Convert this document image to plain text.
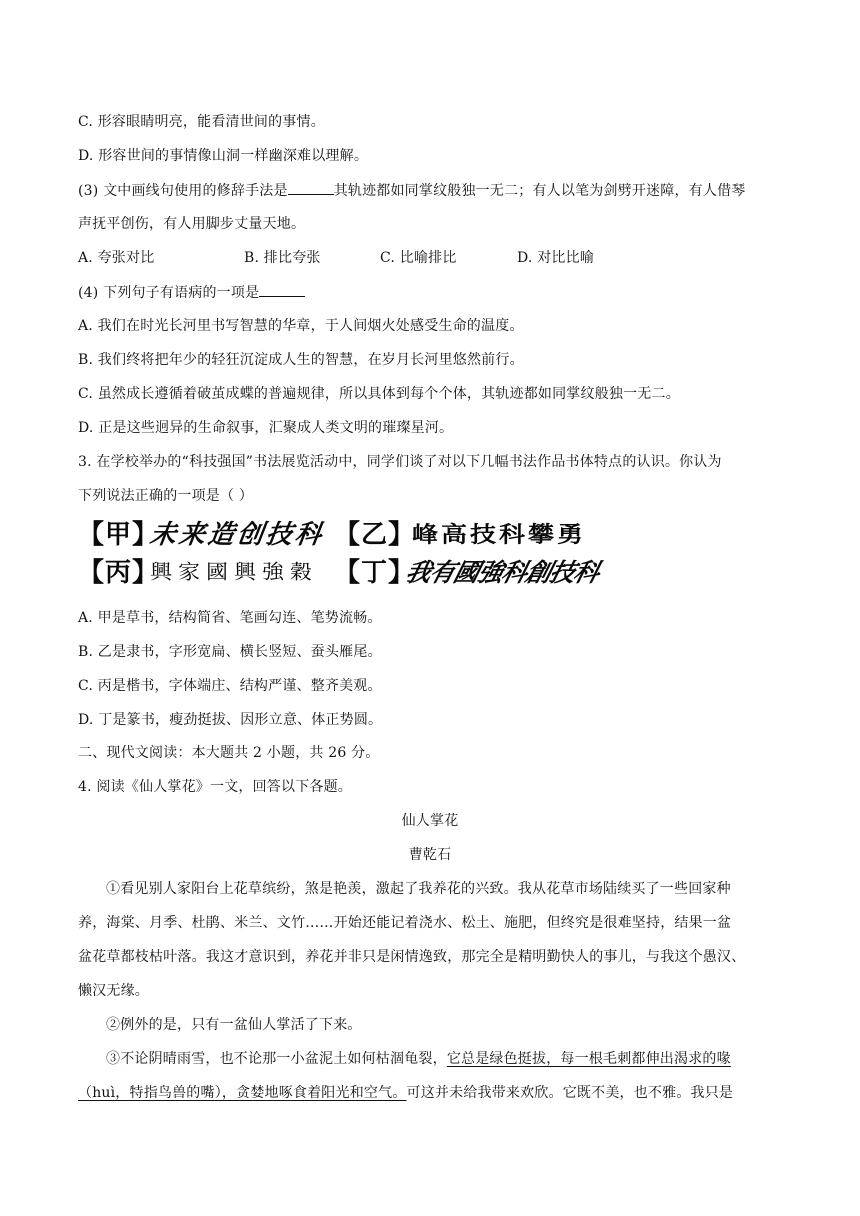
C. 形容眼睛明亮，能看清世间的事情。
D. 形容世间的事情像山洞一样幽深难以理解。
(3) 文中画线句使用的修辞手法是	其轨迹都如同掌纹般独一无二；有人以笔为剑劈开迷障，有人借琴
声抚平创伤，有人用脚步丈量天地。
A. 夸张对比	B. 排比夸张	C. 比喻排比	D. 对比比喻
(4) 下列句子有语病的一项是
A. 我们在时光长河里书写智慧的华章，于人间烟火处感受生命的温度。
B. 我们终将把年少的轻狂沉淀成人生的智慧，在岁月长河里悠然前行。
C. 虽然成长遵循着破茧成蝶的普遍规律，所以具体到每个个体，其轨迹都如同掌纹般独一无二。
D. 正是这些迥异的生命叙事，汇聚成人类文明的璀璨星河。
3. 在学校举办的“科技强国”书法展览活动中，同学们谈了对以下几幅书法作品书体特点的认识。你认为
下列说法正确的一项是（ ）
【甲】
未来造创技科 【乙】
峰高技科攀勇
【丙】
興家國興強穀 【丁】
我有國強科創技科
A. 甲是草书，结构简省、笔画勾连、笔势流畅。
B. 乙是隶书，字形宽扁、横长竖短、蚕头雁尾。
C. 丙是楷书，字体端庄、结构严谨、整齐美观。
D. 丁是篆书，瘦劲挺拔、因形立意、体正势圆。
二、现代文阅读：本大题共 2 小题，共 26 分。
4. 阅读《仙人掌花》一文，回答以下各题。
仙人掌花
曹乾石
①看见别人家阳台上花草缤纷，煞是艳羡，激起了我养花的兴致。我从花草市场陆续买了一些回家种
养，海棠、月季、杜鹃、米兰、文竹……开始还能记着浇水、松土、施肥，但终究是很难坚持，结果一盆
盆花草都枝枯叶落。我这才意识到，养花并非只是闲情逸致，那完全是精明勤快人的事儿，与我这个愚汉、
懒汉无缘。
②例外的是，只有一盆仙人掌活了下来。
③不论阴晴雨雪，也不论那一小盆泥土如何枯涸龟裂，它总是绿色挺拔，每一根毛刺都伸出渴求的喙
（huì，特指鸟兽的嘴），贪婪地啄食着阳光和空气。可这并未给我带来欢欣。它既不美，也不雅。我只是
